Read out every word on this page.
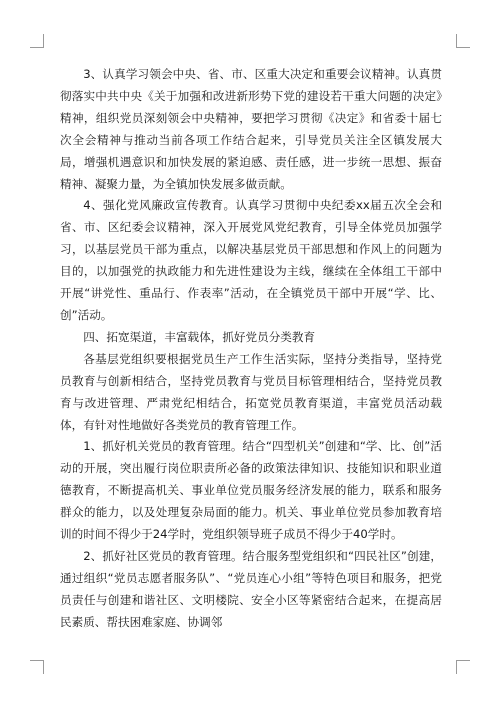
3、认真学习领会中央、省、市、区重大决定和重要会议精神。认真贯彻落实中共中央《关于加强和改进新形势下党的建设若干重大问题的决定》精神，组织党员深刻领会中央精神，要把学习贯彻《决定》和省委十届七次全会精神与推动当前各项工作结合起来，引导党员关注全区镇发展大局，增强机遇意识和加快发展的紧迫感、责任感，进一步统一思想、振奋精神、凝聚力量，为全镇加快发展多做贡献。

4、强化党风廉政宣传教育。认真学习贯彻中央纪委xx届五次全会和省、市、区纪委会议精神，深入开展党风党纪教育，引导全体党员加强学习，以基层党员干部为重点，以解决基层党员干部思想和作风上的问题为目的，以加强党的执政能力和先进性建设为主线，继续在全体组工干部中开展“讲党性、重品行、作表率”活动，在全镇党员干部中开展“学、比、创”活动。

四、拓宽渠道，丰富载体，抓好党员分类教育

各基层党组织要根据党员生产工作生活实际，坚持分类指导，坚持党员教育与创新相结合，坚持党员教育与党员目标管理相结合，坚持党员教育与改进管理、严肃党纪相结合，拓宽党员教育渠道，丰富党员活动载体，有针对性地做好各类党员的教育管理工作。

1、抓好机关党员的教育管理。结合“四型机关”创建和“学、比、创”活动的开展，突出履行岗位职责所必备的政策法律知识、技能知识和职业道德教育，不断提高机关、事业单位党员服务经济发展的能力，联系和服务群众的能力，以及处理复杂局面的能力。机关、事业单位党员参加教育培训的时间不得少于24学时，党组织领导班子成员不得少于40学时。

2、抓好社区党员的教育管理。结合服务型党组织和“四民社区”创建，通过组织“党员志愿者服务队”、“党员连心小组”等特色项目和服务，把党员责任与创建和谐社区、文明楼院、安全小区等紧密结合起来，在提高居民素质、帮扶困难家庭、协调邻
